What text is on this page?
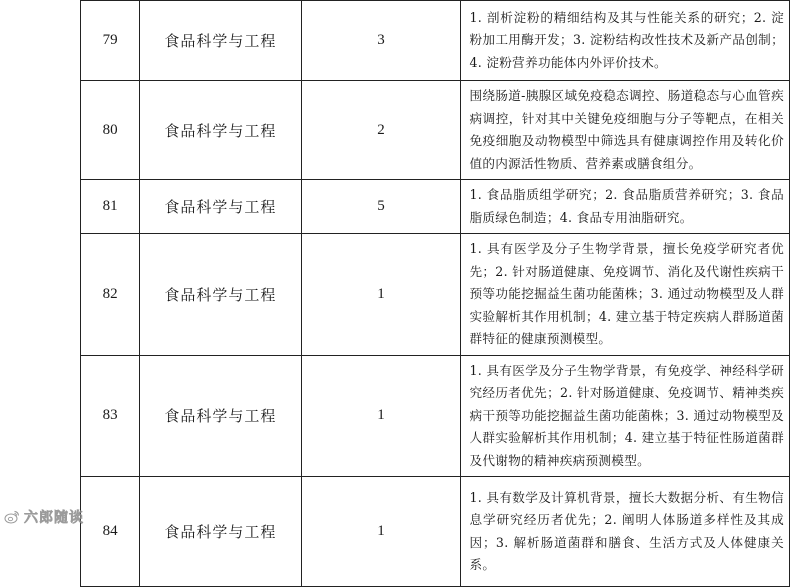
79	食品科学与工程	3	1. 剖析淀粉的精细结构及其与性能关系的研究；2. 淀粉加工用酶开发；3. 淀粉结构改性技术及新产品创制；4. 淀粉营养功能体内外评价技术。
80	食品科学与工程	2	围绕肠道-胰腺区域免疫稳态调控、肠道稳态与心血管疾病调控，针对其中关键免疫细胞与分子等靶点，在相关免疫细胞及动物模型中筛选具有健康调控作用及转化价值的内源活性物质、营养素或膳食组分。
81	食品科学与工程	5	1. 食品脂质组学研究；2. 食品脂质营养研究；3. 食品脂质绿色制造；4. 食品专用油脂研究。
82	食品科学与工程	1	1. 具有医学及分子生物学背景，擅长免疫学研究者优先；2. 针对肠道健康、免疫调节、消化及代谢性疾病干预等功能挖掘益生菌功能菌株；3. 通过动物模型及人群实验解析其作用机制；4. 建立基于特定疾病人群肠道菌群特征的健康预测模型。
83	食品科学与工程	1	1. 具有医学及分子生物学背景，有免疫学、神经科学研究经历者优先；2. 针对肠道健康、免疫调节、精神类疾病干预等功能挖掘益生菌功能菌株；3. 通过动物模型及人群实验解析其作用机制；4. 建立基于特征性肠道菌群及代谢物的精神疾病预测模型。
84	食品科学与工程	1	1. 具有数学及计算机背景，擅长大数据分析、有生物信息学研究经历者优先；2. 阐明人体肠道多样性及其成因；3. 解析肠道菌群和膳食、生活方式及人体健康关系。
六郎随谈
